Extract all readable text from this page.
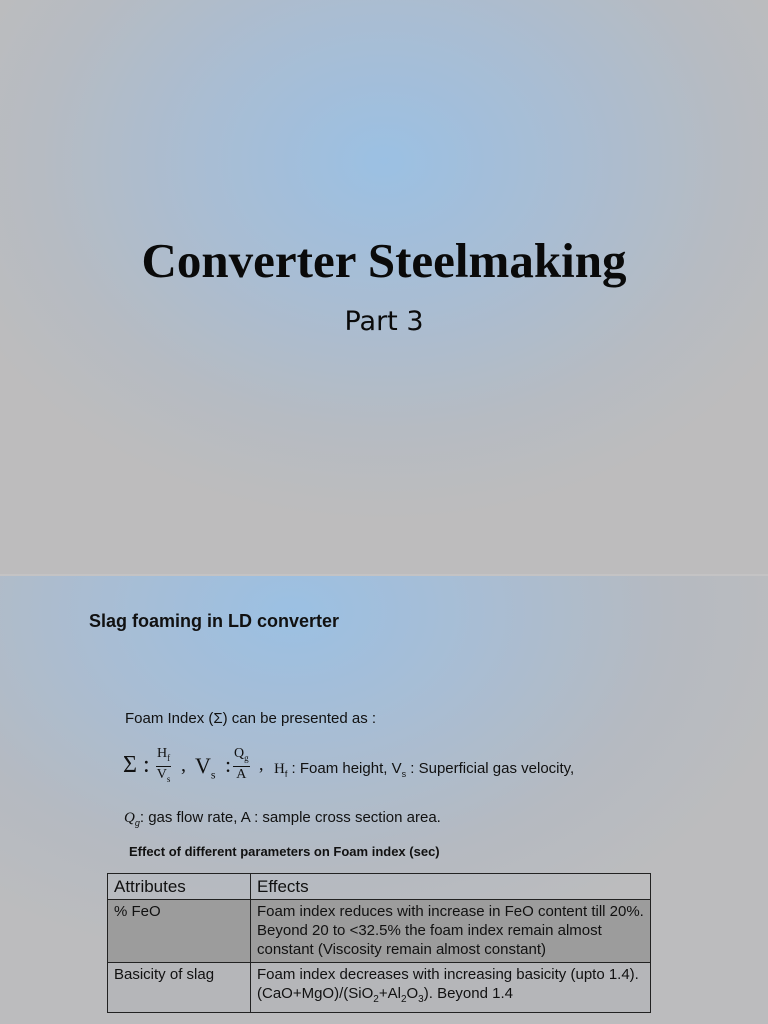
Converter Steelmaking
Part 3
Slag foaming in LD converter
Foam Index (Σ) can be presented as :
Σ : $\frac{H_f}{V_s}$ , $V_s$ : $\frac{Q_g}{A}$ , $H_f$ : Foam height, $V_s$ : Superficial gas velocity,
$Q_g$: gas flow rate, A : sample cross section area.
Effect of different parameters on Foam index (sec)
Attributes	Effects
% FeO	Foam index reduces with increase in FeO content till 20%. Beyond 20 to <32.5% the foam index remain almost constant (Viscosity remain almost constant)
Basicity of slag	Foam index decreases with increasing basicity (upto 1.4). $(CaO+MgO)/(SiO_2+Al_2O_3)$. Beyond 1.4
